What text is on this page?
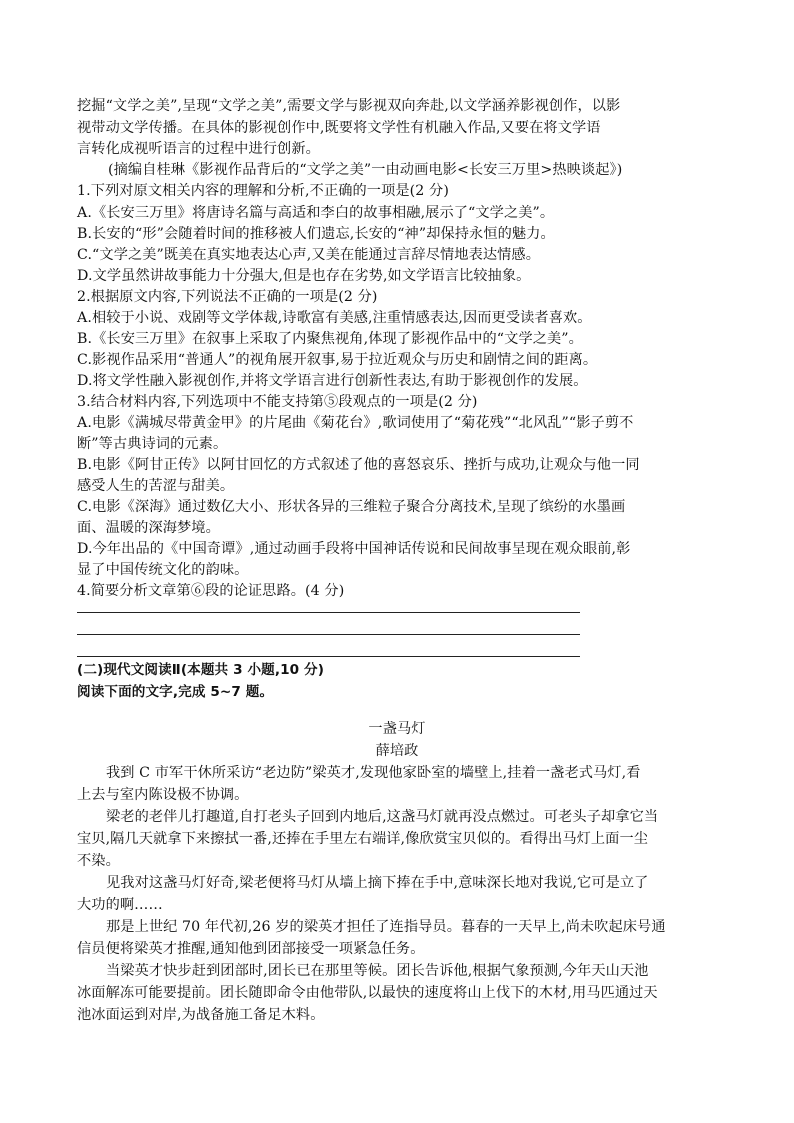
挖掘“文学之美”,呈现“文学之美”,需要文学与影视双向奔赴,以文学涵养影视创作，以影
视带动文学传播。在具体的影视创作中,既要将文学性有机融入作品,又要在将文学语
言转化成视听语言的过程中进行创新。
(摘编自桂琳《影视作品背后的“文学之美”一由动画电影<长安三万里>热映谈起》)
1.下列对原文相关内容的理解和分析,不正确的一项是(2 分)
A.《长安三万里》将唐诗名篇与高适和李白的故事相融,展示了“文学之美”。
B.长安的“形”会随着时间的推移被人们遗忘,长安的“神”却保持永恒的魅力。
C.“文学之美”既美在真实地表达心声,又美在能通过言辞尽情地表达情感。
D.文学虽然讲故事能力十分强大,但是也存在劣势,如文学语言比较抽象。
2.根据原文内容,下列说法不正确的一项是(2 分)
A.相较于小说、戏剧等文学体裁,诗歌富有美感,注重情感表达,因而更受读者喜欢。
B.《长安三万里》在叙事上采取了内聚焦视角,体现了影视作品中的“文学之美”。
C.影视作品采用“普通人”的视角展开叙事,易于拉近观众与历史和剧情之间的距离。
D.将文学性融入影视创作,并将文学语言进行创新性表达,有助于影视创作的发展。
3.结合材料内容,下列选项中不能支持第⑤段观点的一项是(2 分)
A.电影《满城尽带黄金甲》的片尾曲《菊花台》,歌词使用了“菊花残”“北风乱”“影子剪不
断”等古典诗词的元素。
B.电影《阿甘正传》以阿甘回忆的方式叙述了他的喜怒哀乐、挫折与成功,让观众与他一同
感受人生的苦涩与甜美。
C.电影《深海》通过数亿大小、形状各异的三维粒子聚合分离技术,呈现了缤纷的水墨画
面、温暖的深海梦境。
D.今年出品的《中国奇谭》,通过动画手段将中国神话传说和民间故事呈现在观众眼前,彰
显了中国传统文化的韵味。
4.简要分析文章第⑥段的论证思路。(4 分)
(二)现代文阅读Ⅱ(本题共 3 小题,10 分)
阅读下面的文字,完成 5~7 题。
一盏马灯
薛培政
我到 C 市军干休所采访“老边防”梁英才,发现他家卧室的墙壁上,挂着一盏老式马灯,看
上去与室内陈设极不协调。
梁老的老伴儿打趣道,自打老头子回到内地后,这盏马灯就再没点燃过。可老头子却拿它当
宝贝,隔几天就拿下来擦拭一番,还捧在手里左右端详,像欣赏宝贝似的。看得出马灯上面一尘
不染。
见我对这盏马灯好奇,梁老便将马灯从墙上摘下捧在手中,意味深长地对我说,它可是立了
大功的啊……
那是上世纪 70 年代初,26 岁的梁英才担任了连指导员。暮春的一天早上,尚未吹起床号通
信员便将梁英才推醒,通知他到团部接受一项紧急任务。
当梁英才快步赶到团部时,团长已在那里等候。团长告诉他,根据气象预测,今年天山天池
冰面解冻可能要提前。团长随即命令由他带队,以最快的速度将山上伐下的木材,用马匹通过天
池冰面运到对岸,为战备施工备足木料。
